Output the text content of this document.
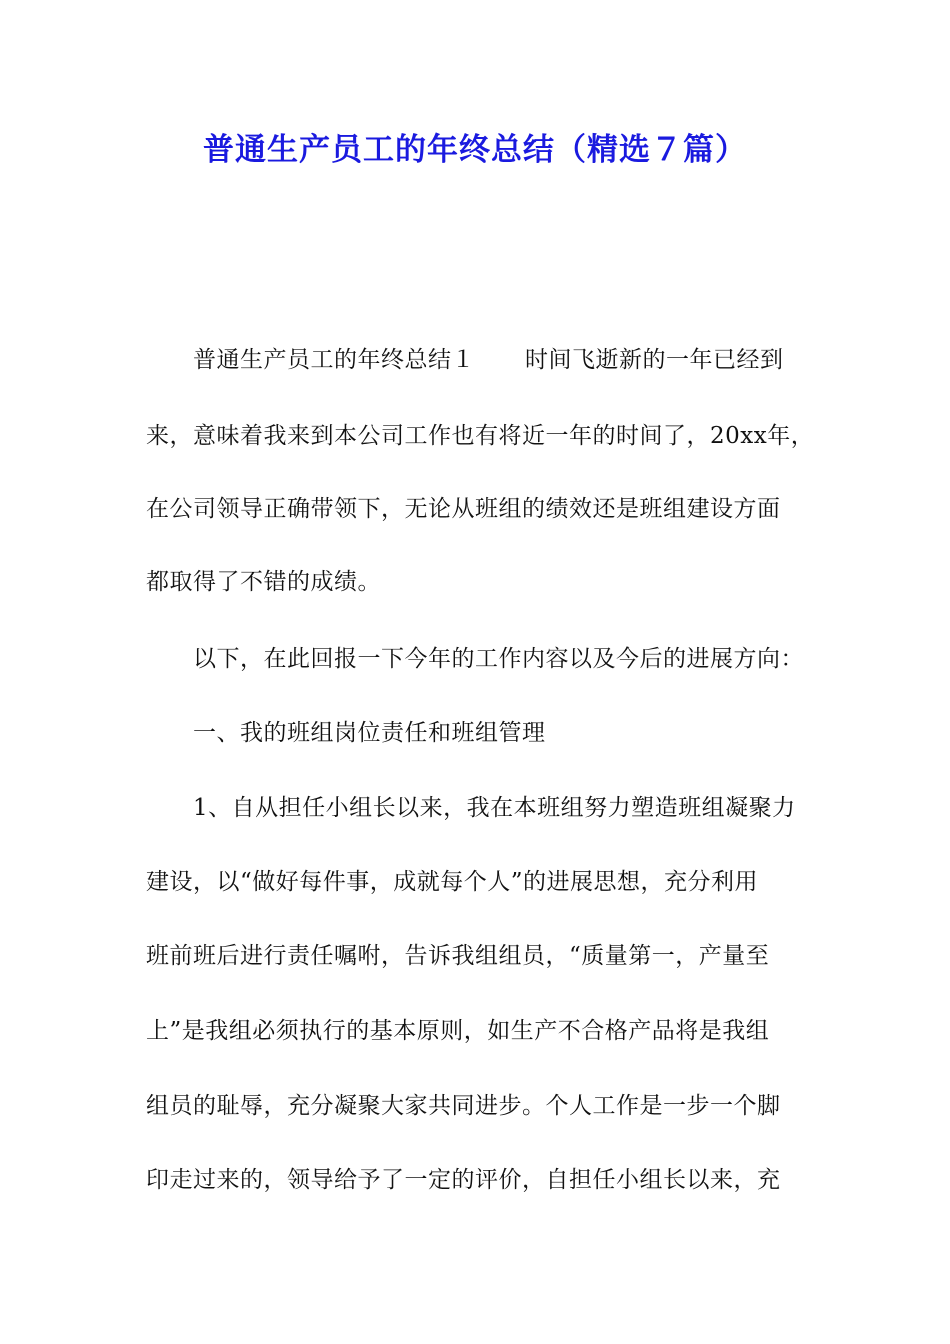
普通生产员工的年终总结（精选７篇）
普通生产员工的年终总结１ 时间飞逝新的一年已经到
来，意味着我来到本公司工作也有将近一年的时间了，20xx年，
在公司领导正确带领下，无论从班组的绩效还是班组建设方面
都取得了不错的成绩。
以下，在此回报一下今年的工作内容以及今后的进展方向：
一、我的班组岗位责任和班组管理
1、自从担任小组长以来，我在本班组努力塑造班组凝聚力
建设，以“做好每件事，成就每个人”的进展思想，充分利用
班前班后进行责任嘱咐，告诉我组组员，“质量第一，产量至
上”是我组必须执行的基本原则，如生产不合格产品将是我组
组员的耻辱，充分凝聚大家共同进步。个人工作是一步一个脚
印走过来的，领导给予了一定的评价，自担任小组长以来，充
